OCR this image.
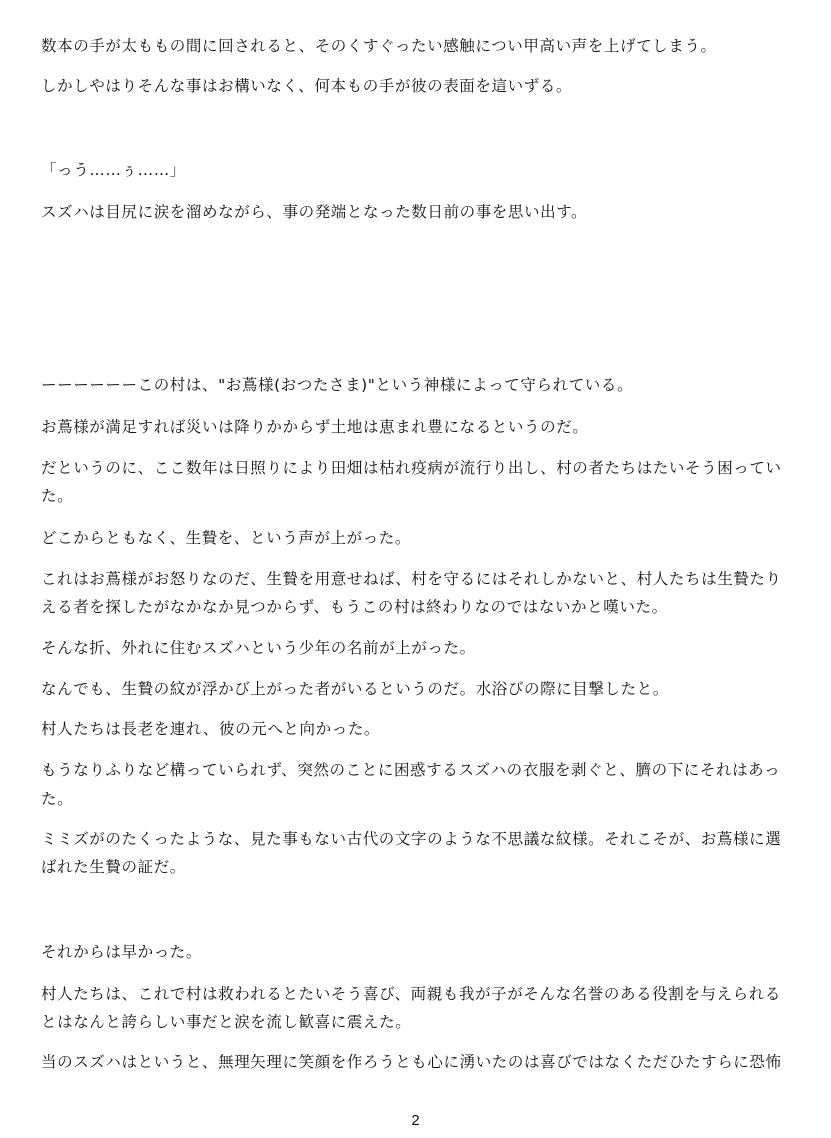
数本の手が太ももの間に回されると、そのくすぐったい感触につい甲高い声を上げてしまう。
しかしやはりそんな事はお構いなく、何本もの手が彼の表面を這いずる。
「っう……ぅ……」
スズハは目尻に涙を溜めながら、事の発端となった数日前の事を思い出す。
ーーーーーーこの村は、"お蔦様(おつたさま)"という神様によって守られている。
お蔦様が満足すれば災いは降りかからず土地は恵まれ豊になるというのだ。
だというのに、ここ数年は日照りにより田畑は枯れ疫病が流行り出し、村の者たちはたいそう困ってい
た。
どこからともなく、生贄を、という声が上がった。
これはお蔦様がお怒りなのだ、生贄を用意せねば、村を守るにはそれしかないと、村人たちは生贄たり
える者を探したがなかなか見つからず、もうこの村は終わりなのではないかと嘆いた。
そんな折、外れに住むスズハという少年の名前が上がった。
なんでも、生贄の紋が浮かび上がった者がいるというのだ。水浴びの際に目撃したと。
村人たちは長老を連れ、彼の元へと向かった。
もうなりふりなど構っていられず、突然のことに困惑するスズハの衣服を剥ぐと、臍の下にそれはあっ
た。
ミミズがのたくったような、見た事もない古代の文字のような不思議な紋様。それこそが、お蔦様に選
ばれた生贄の証だ。
それからは早かった。
村人たちは、これで村は救われるとたいそう喜び、両親も我が子がそんな名誉のある役割を与えられる
とはなんと誇らしい事だと涙を流し歓喜に震えた。
当のスズハはというと、無理矢理に笑顔を作ろうとも心に湧いたのは喜びではなくただひたすらに恐怖
2
